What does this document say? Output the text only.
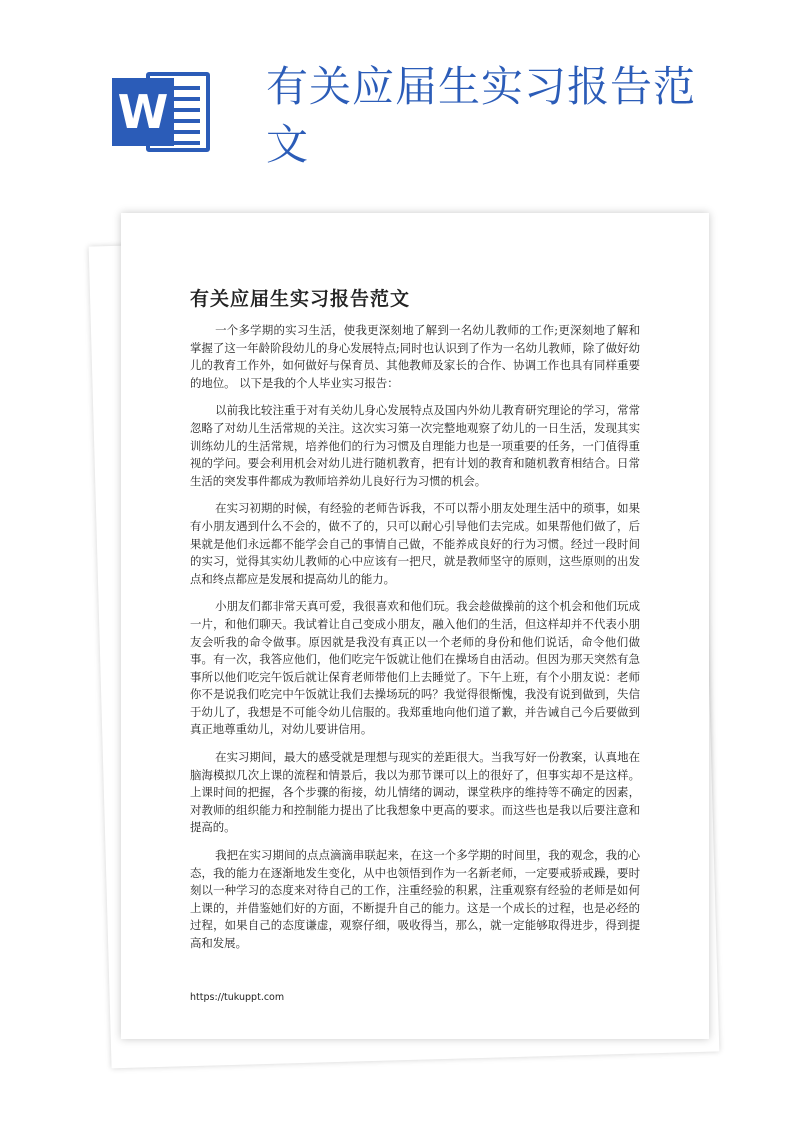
W 有关应届生实习报告范文
有关应届生实习报告范文

一个多学期的实习生活，使我更深刻地了解到一名幼儿教师的工作;更深刻地了解和掌握了这一年龄阶段幼儿的身心发展特点;同时也认识到了作为一名幼儿教师，除了做好幼儿的教育工作外，如何做好与保育员、其他教师及家长的合作、协调工作也具有同样重要的地位。 以下是我的个人毕业实习报告：

以前我比较注重于对有关幼儿身心发展特点及国内外幼儿教育研究理论的学习，常常忽略了对幼儿生活常规的关注。这次实习第一次完整地观察了幼儿的一日生活，发现其实训练幼儿的生活常规，培养他们的行为习惯及自理能力也是一项重要的任务，一门值得重视的学问。要会利用机会对幼儿进行随机教育，把有计划的教育和随机教育相结合。日常生活的突发事件都成为教师培养幼儿良好行为习惯的机会。

在实习初期的时候，有经验的老师告诉我，不可以帮小朋友处理生活中的琐事，如果有小朋友遇到什么不会的，做不了的，只可以耐心引导他们去完成。如果帮他们做了，后果就是他们永远都不能学会自己的事情自己做，不能养成良好的行为习惯。经过一段时间的实习，觉得其实幼儿教师的心中应该有一把尺，就是教师坚守的原则，这些原则的出发点和终点都应是发展和提高幼儿的能力。

小朋友们都非常天真可爱，我很喜欢和他们玩。我会趁做操前的这个机会和他们玩成一片，和他们聊天。我试着让自己变成小朋友，融入他们的生活，但这样却并不代表小朋友会听我的命令做事。原因就是我没有真正以一个老师的身份和他们说话，命令他们做事。有一次，我答应他们，他们吃完午饭就让他们在操场自由活动。但因为那天突然有急事所以他们吃完午饭后就让保育老师带他们上去睡觉了。下午上班，有个小朋友说：老师你不是说我们吃完中午饭就让我们去操场玩的吗？我觉得很惭愧，我没有说到做到，失信于幼儿了，我想是不可能令幼儿信服的。我郑重地向他们道了歉，并告诫自己今后要做到真正地尊重幼儿，对幼儿要讲信用。

在实习期间，最大的感受就是理想与现实的差距很大。当我写好一份教案，认真地在脑海模拟几次上课的流程和情景后，我以为那节课可以上的很好了，但事实却不是这样。上课时间的把握，各个步骤的衔接，幼儿情绪的调动，课堂秩序的维持等不确定的因素，对教师的组织能力和控制能力提出了比我想象中更高的要求。而这些也是我以后要注意和提高的。

我把在实习期间的点点滴滴串联起来，在这一个多学期的时间里，我的观念，我的心态，我的能力在逐渐地发生变化，从中也领悟到作为一名新老师，一定要戒骄戒躁，要时刻以一种学习的态度来对待自己的工作，注重经验的积累，注重观察有经验的老师是如何上课的，并借鉴她们好的方面，不断提升自己的能力。这是一个成长的过程，也是必经的过程，如果自己的态度谦虚，观察仔细，吸收得当，那么，就一定能够取得进步，得到提高和发展。

https://tukuppt.com
